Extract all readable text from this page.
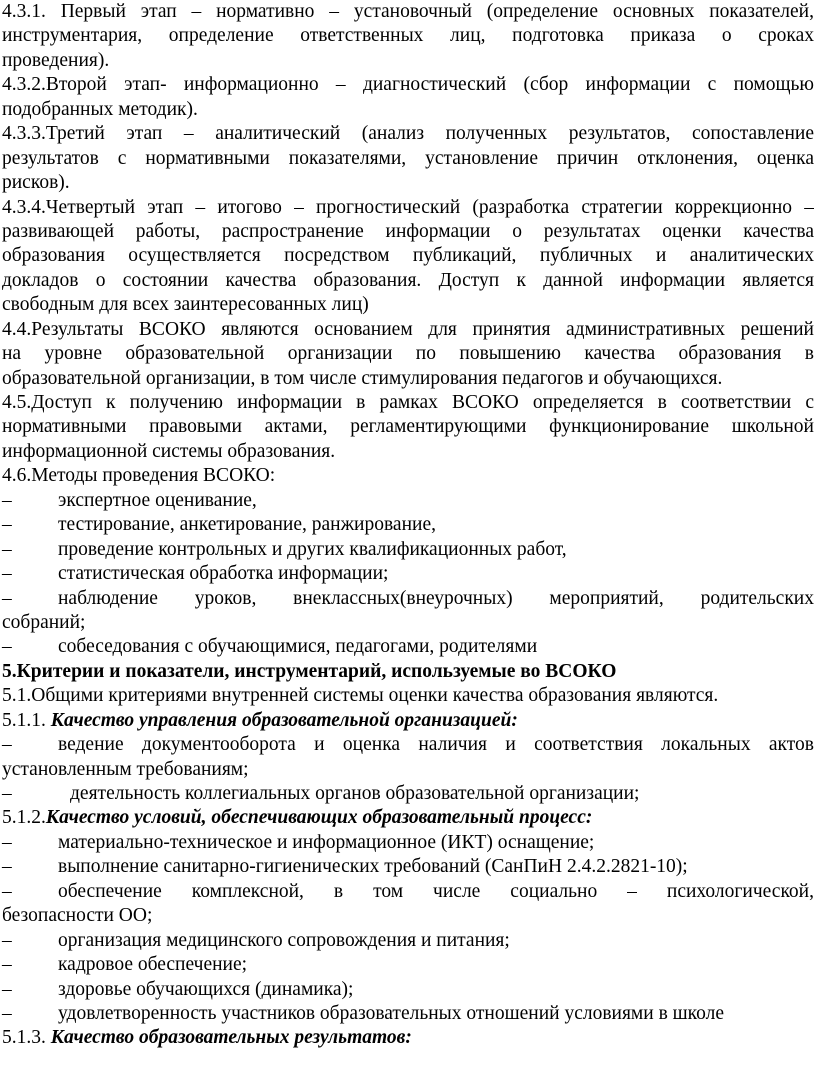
4.3.1. Первый этап – нормативно – установочный (определение основных показателей,
инструментария, определение ответственных лиц, подготовка приказа о сроках
проведения).
4.3.2.Второй этап- информационно – диагностический (сбор информации с помощью
подобранных методик).
4.3.3.Третий этап – аналитический (анализ полученных результатов, сопоставление
результатов с нормативными показателями, установление причин отклонения, оценка
рисков).
4.3.4.Четвертый этап – итогово – прогностический (разработка стратегии коррекционно –
развивающей работы, распространение информации о результатах оценки качества
образования осуществляется посредством публикаций, публичных и аналитических
докладов о состоянии качества образования. Доступ к данной информации является
свободным для всех заинтересованных лиц)
4.4.Результаты ВСОКО являются основанием для принятия административных решений
на уровне образовательной организации по повышению качества образования в
образовательной организации, в том числе стимулирования педагогов и обучающихся.
4.5.Доступ к получению информации в рамках ВСОКО определяется в соответствии с
нормативными правовыми актами, регламентирующими функционирование школьной
информационной системы образования.
4.6.Методы проведения ВСОКО:
– экспертное оценивание,
– тестирование, анкетирование, ранжирование,
– проведение контрольных и других квалификационных работ,
– статистическая обработка информации;
– наблюдение уроков, внеклассных(внеурочных) мероприятий, родительских
собраний;
– собеседования с обучающимися, педагогами, родителями
5.Критерии и показатели, инструментарий, используемые во ВСОКО
5.1.Общими критериями внутренней системы оценки качества образования являются.
5.1.1. Качество управления образовательной организацией:
– ведение документооборота и оценка наличия и соответствия локальных актов
установленным требованиям;
–	деятельность коллегиальных органов образовательной организации;
5.1.2.Качество условий, обеспечивающих образовательный процесс:
– материально-техническое и информационное (ИКТ) оснащение;
– выполнение санитарно-гигиенических требований (СанПиН 2.4.2.2821-10);
– обеспечение комплексной, в том числе социально – психологической,
безопасности ОО;
– организация медицинского сопровождения и питания;
– кадровое обеспечение;
– здоровье обучающихся (динамика);
– удовлетворенность участников образовательных отношений условиями в школе
5.1.3. Качество образовательных результатов:
